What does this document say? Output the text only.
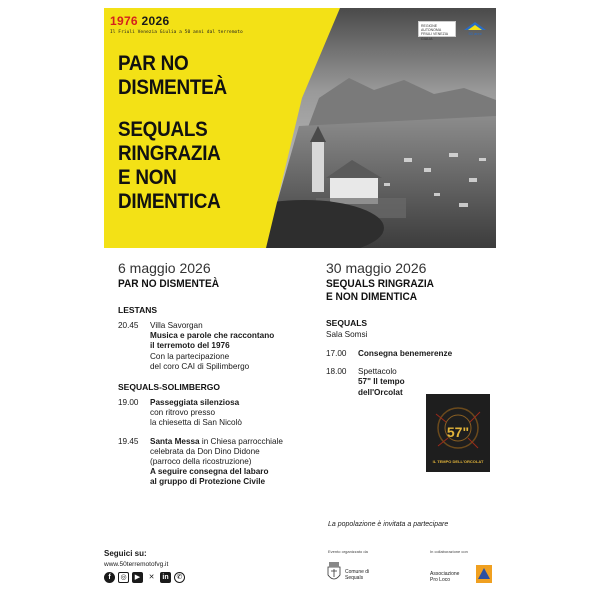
1976 2026
Il Friuli Venezia Giulia a 50 anni dal terremoto
REGIONE AUTONOMA FRIULI VENEZIA GIULIA
50 anni
PAR NO
DISMENTEÀ
SEQUALS
RINGRAZIA
E NON
DIMENTICA
6 maggio 2026
PAR NO DISMENTEÀ
LESTANS
20.45	Villa Savorgan
Musica e parole che raccontano
il terremoto del 1976
Con la partecipazione
del coro CAI di Spilimbergo
SEQUALS-SOLIMBERGO
19.00	Passeggiata silenziosa
con ritrovo presso
la chiesetta di San Nicolò
19.45	Santa Messa in Chiesa parrocchiale
celebrata da Don Dino Didone
(parroco della ricostruzione)
A seguire consegna del labaro
al gruppo di Protezione Civile
30 maggio 2026
SEQUALS RINGRAZIA
E NON DIMENTICA
SEQUALS
Sala Somsi
17.00	Consegna benemerenze
18.00	Spettacolo
57" Il tempo
dell'Orcolat
57"
IL TEMPO DELL'ORCOLAT
La popolazione è invitata a partecipare
Seguici su:
www.50terremotofvg.it
f	◎	▶	✕	in	✆
Evento organizzato da	In collaborazione con
Comune di
Sequals
Associazione
Pro Loco
